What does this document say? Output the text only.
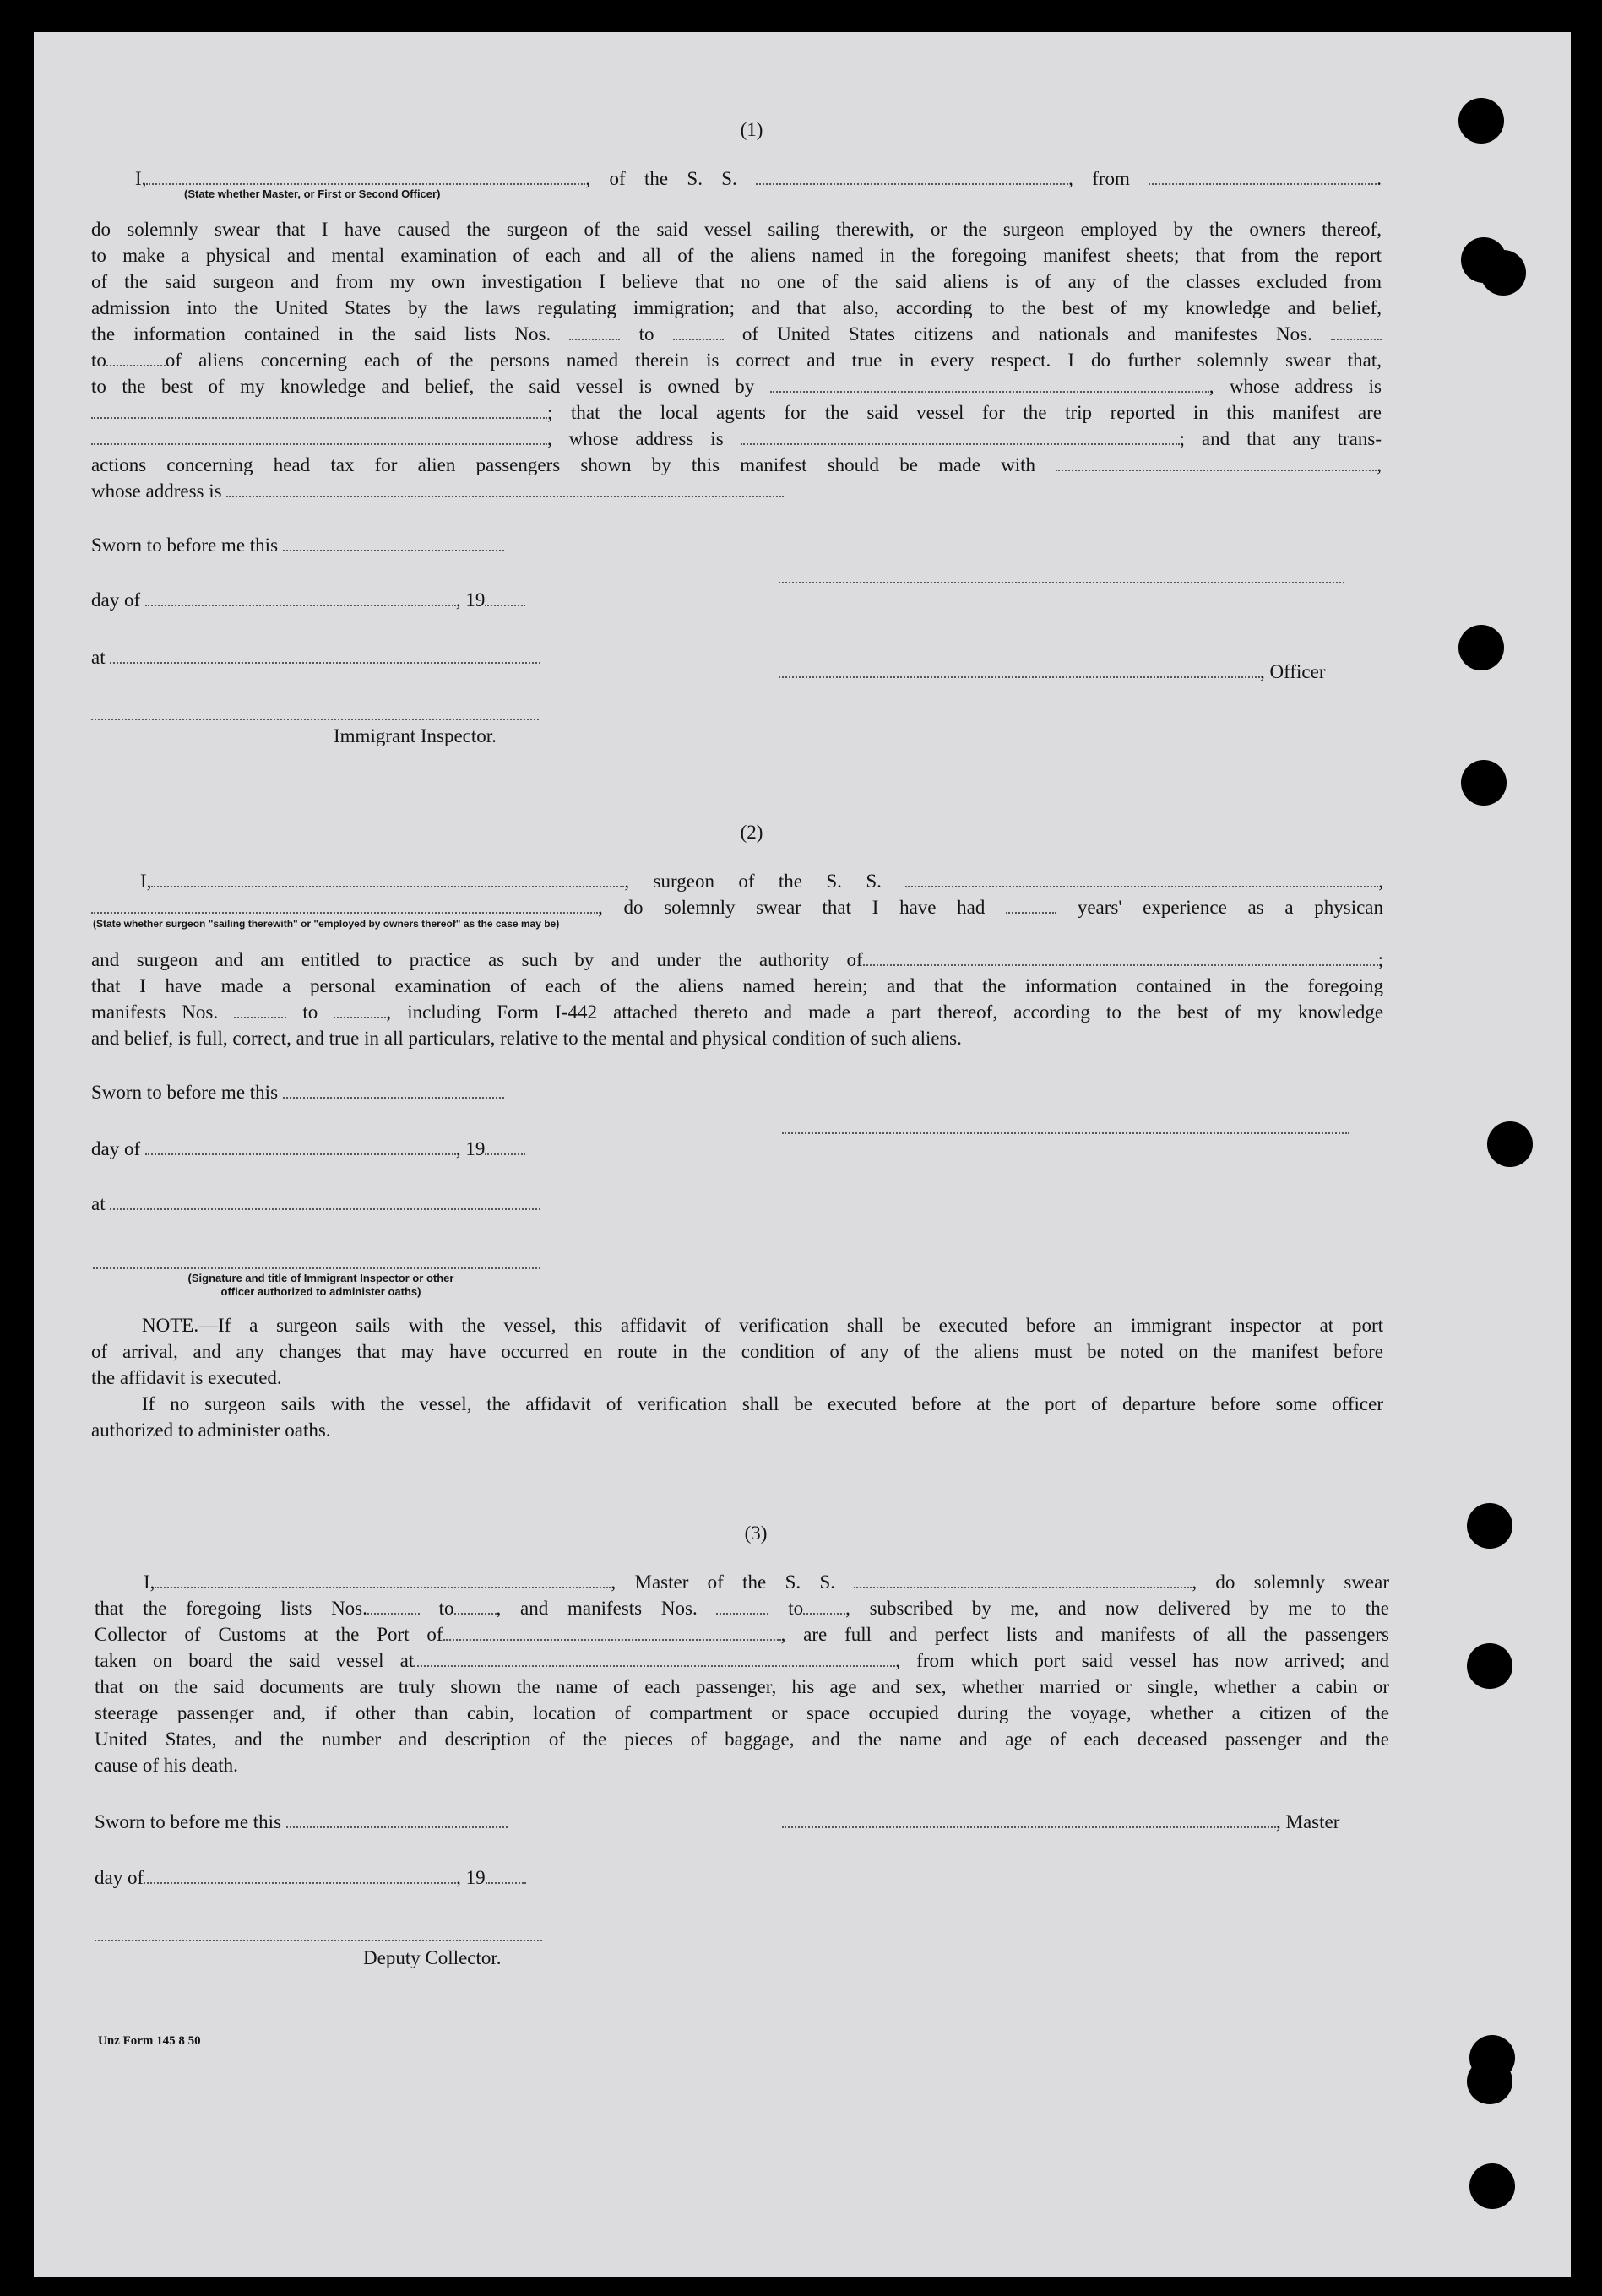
(1)
I,	, of the S. S.	, from	.
(State whether Master, or First or Second Officer)
do solemnly swear that I have caused the surgeon of the said vessel sailing therewith, or the surgeon employed by the owners thereof,
to make a physical and mental examination of each and all of the aliens named in the foregoing manifest sheets; that from the report
of the said surgeon and from my own investigation I believe that no one of the said aliens is of any of the classes excluded from
admission into the United States by the laws regulating immigration; and that also, according to the best of my knowledge and belief,
the information contained in the said lists Nos.	to	of United States citizens and nationals and manifestes Nos.
to	of aliens concerning each of the persons named therein is correct and true in every respect. I do further solemnly swear that,
to the best of my knowledge and belief, the said vessel is owned by	, whose address is
; that the local agents for the said vessel for the trip reported in this manifest are
, whose address is	; and that any trans-
actions concerning head tax for alien passengers shown by this manifest should be made with	,
whose address is
Sworn to before me this
day of	, 19
at
, Officer
Immigrant Inspector.
(2)
I,	, surgeon of the S. S.	,
, do solemnly swear that I have had	years' experience as a physican
(State whether surgeon "sailing therewith" or "employed by owners thereof" as the case may be)
and surgeon and am entitled to practice as such by and under the authority of	;
that I have made a personal examination of each of the aliens named herein; and that the information contained in the foregoing
manifests Nos.	to	, including Form I-442 attached thereto and made a part thereof, according to the best of my knowledge
and belief, is full, correct, and true in all particulars, relative to the mental and physical condition of such aliens.
Sworn to before me this
day of	, 19
at
(Signature and title of Immigrant Inspector or other
officer authorized to administer oaths)
NOTE.—If a surgeon sails with the vessel, this affidavit of verification shall be executed before an immigrant inspector at port
of arrival, and any changes that may have occurred en route in the condition of any of the aliens must be noted on the manifest before
the affidavit is executed.
If no surgeon sails with the vessel, the affidavit of verification shall be executed before at the port of departure before some officer
authorized to administer oaths.
(3)
I,	, Master of the S. S.	, do solemnly swear
that the foregoing lists Nos.	to , and manifests Nos.	to , subscribed by me, and now delivered by me to the
Collector of Customs at the Port of	, are full and perfect lists and manifests of all the passengers
taken on board the said vessel at	, from which port said vessel has now arrived; and
that on the said documents are truly shown the name of each passenger, his age and sex, whether married or single, whether a cabin or
steerage passenger and, if other than cabin, location of compartment or space occupied during the voyage, whether a citizen of the
United States, and the number and description of the pieces of baggage, and the name and age of each deceased passenger and the
cause of his death.
Sworn to before me this	, Master
day of	, 19
Deputy Collector.
Unz Form 145 8 50
